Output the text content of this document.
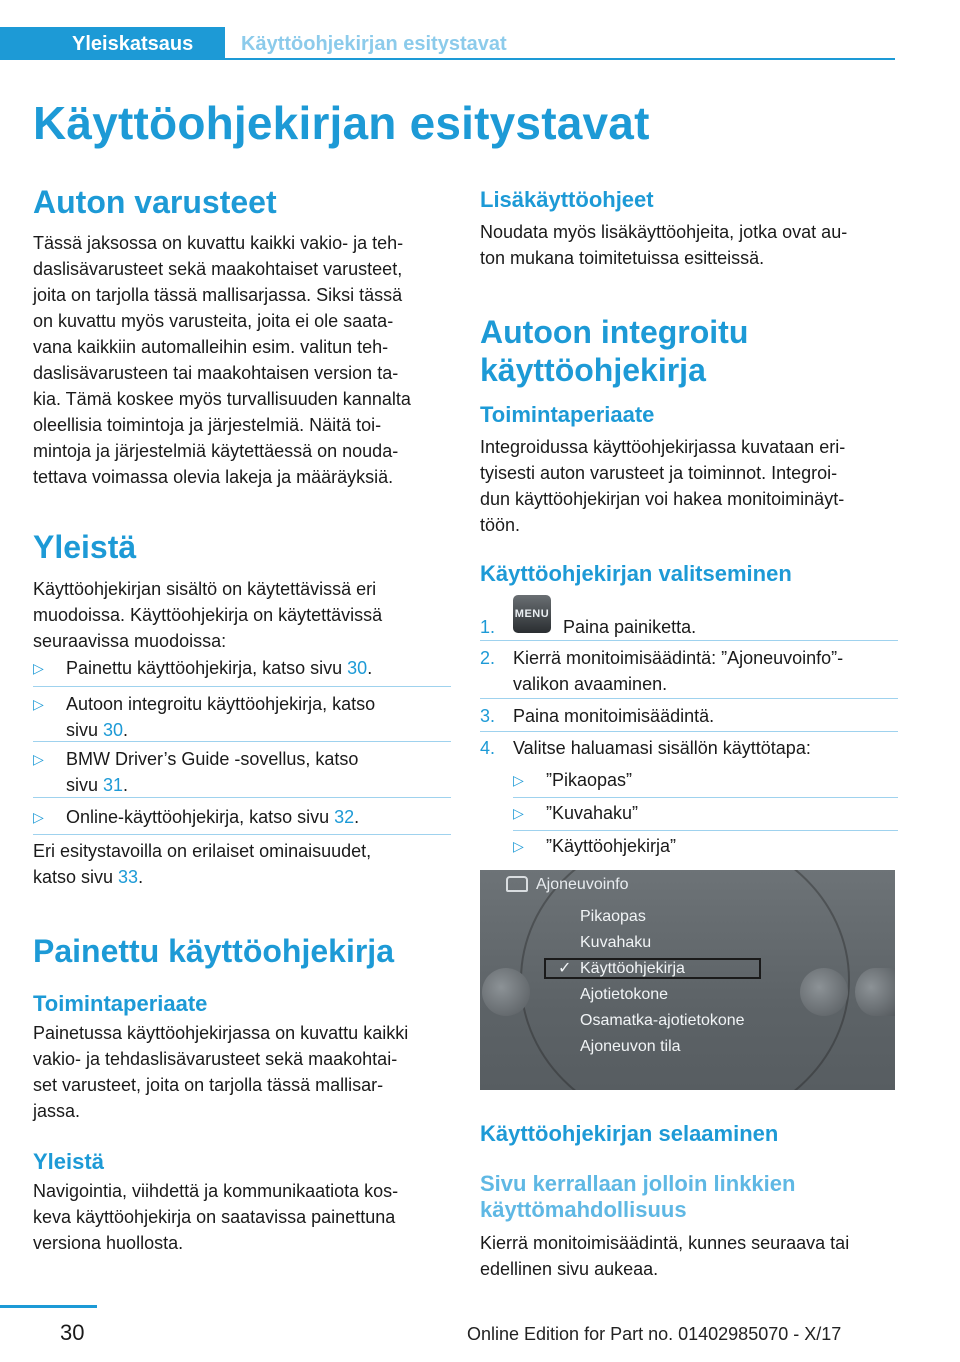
Yleiskatsaus Käyttöohjekirjan esitystavat
Käyttöohjekirjan esitystavat
Auton varusteet
Tässä jaksossa on kuvattu kaikki vakio- ja teh-
daslisävarusteet sekä maakohtaiset varusteet,
joita on tarjolla tässä mallisarjassa. Siksi tässä
on kuvattu myös varusteita, joita ei ole saata-
vana kaikkiin automalleihin esim. valitun teh-
daslisävarusteen tai maakohtaisen version ta-
kia. Tämä koskee myös turvallisuuden kannalta
oleellisia toimintoja ja järjestelmiä. Näitä toi-
mintoja ja järjestelmiä käytettäessä on nouda-
tettava voimassa olevia lakeja ja määräyksiä.
Yleistä
Käyttöohjekirjan sisältö on käytettävissä eri
muodoissa. Käyttöohjekirja on käytettävissä
seuraavissa muodoissa:
▷ Painettu käyttöohjekirja, katso sivu 30.
▷ Autoon integroitu käyttöohjekirja, katso
sivu 30.
▷ BMW Driver’s Guide -sovellus, katso
sivu 31.
▷ Online-käyttöohjekirja, katso sivu 32.
Eri esitystavoilla on erilaiset ominaisuudet,
katso sivu 33.
Painettu käyttöohjekirja
Toimintaperiaate
Painetussa käyttöohjekirjassa on kuvattu kaikki
vakio- ja tehdaslisävarusteet sekä maakohtai-
set varusteet, joita on tarjolla tässä mallisar-
jassa.
Yleistä
Navigointia, viihdettä ja kommunikaatiota kos-
keva käyttöohjekirja on saatavissa painettuna
versiona huollosta.
Lisäkäyttöohjeet
Noudata myös lisäkäyttöohjeita, jotka ovat au-
ton mukana toimitetuissa esitteissä.
Autoon integroitu
käyttöohjekirja
Toimintaperiaate
Integroidussa käyttöohjekirjassa kuvataan eri-
tyisesti auton varusteet ja toiminnot. Integroi-
dun käyttöohjekirjan voi hakea monitoiminäyt-
töön.
Käyttöohjekirjan valitseminen
1.	Paina painiketta.
2. Kierrä monitoimisäädintä: ”Ajoneuvoinfo”-
valikon avaaminen.
3. Paina monitoimisäädintä.
4. Valitse haluamasi sisällön käyttötapa:
▷ ”Pikaopas”
▷ ”Kuvahaku”
▷ ”Käyttöohjekirja”
Käyttöohjekirjan selaaminen
Sivu kerrallaan jolloin linkkien
käyttömahdollisuus
Kierrä monitoimisäädintä, kunnes seuraava tai
edellinen sivu aukeaa.
MENU
Ajoneuvoinfo
Pikaopas
Kuvahaku
✓ Käyttöohjekirja
Ajotietokone
Osamatka-ajotietokone
Ajoneuvon tila
30	Online Edition for Part no. 01402985070 - X/17
